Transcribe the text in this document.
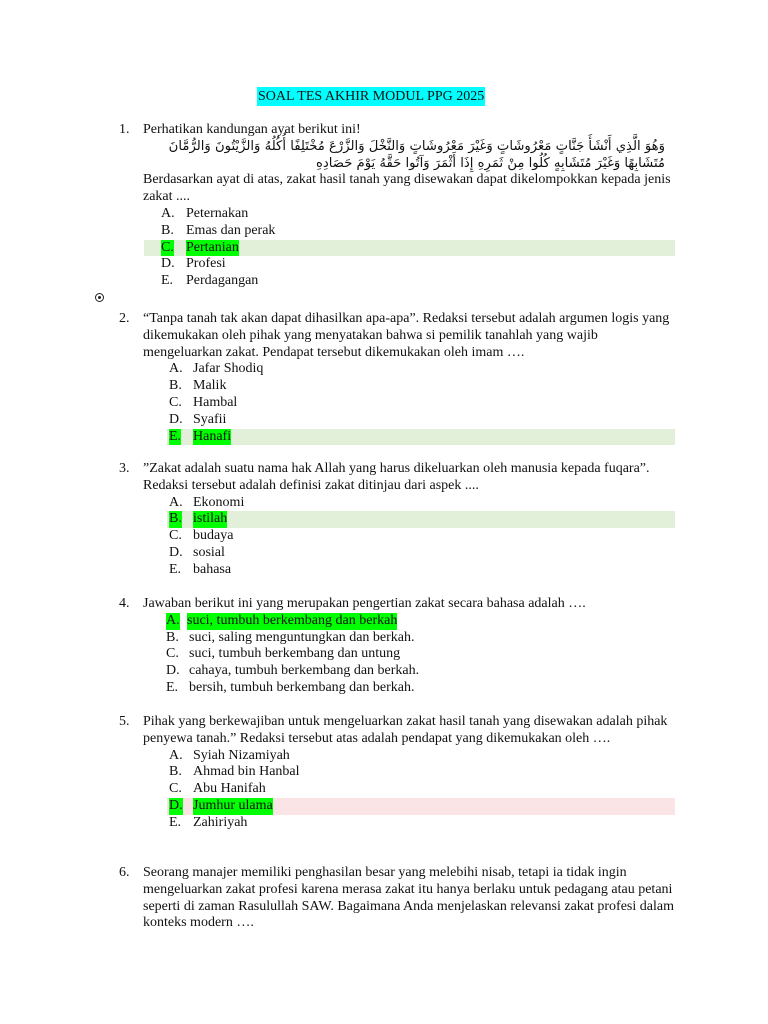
SOAL TES AKHIR MODUL PPG 2025
1. Perhatikan kandungan ayat berikut ini!
وَهُوَ الَّذِي أَنْشَأَ جَنَّاتٍ مَعْرُوشَاتٍ وَغَيْرَ مَعْرُوشَاتٍ وَالنَّخْلَ وَالزَّرْعَ مُخْتَلِفًا أُكُلُهُ وَالزَّيْتُونَ وَالرُّمَّانَ مُتَشَابِهًا وَغَيْرَ مُتَشَابِهٍ كُلُوا مِنْ ثَمَرِهِ إِذَا أَثْمَرَ وَآتُوا حَقَّهُ يَوْمَ حَصَادِهِ
Berdasarkan ayat di atas, zakat hasil tanah yang disewakan dapat dikelompokkan kepada jenis zakat ....
A. Peternakan
B. Emas dan perak
C. Pertanian
D. Profesi
E. Perdagangan
2. “Tanpa tanah tak akan dapat dihasilkan apa-apa”. Redaksi tersebut adalah argumen logis yang dikemukakan oleh pihak yang menyatakan bahwa si pemilik tanahlah yang wajib mengeluarkan zakat. Pendapat tersebut dikemukakan oleh imam ….
A. Jafar Shodiq
B. Malik
C. Hambal
D. Syafii
E. Hanafi
3. ”Zakat adalah suatu nama hak Allah yang harus dikeluarkan oleh manusia kepada fuqara”. Redaksi tersebut adalah definisi zakat ditinjau dari aspek ....
A. Ekonomi
B. istilah
C. budaya
D. sosial
E. bahasa
4. Jawaban berikut ini yang merupakan pengertian zakat secara bahasa adalah ….
A. suci, tumbuh berkembang dan berkah
B. suci, saling menguntungkan dan berkah.
C. suci, tumbuh berkembang dan untung
D. cahaya, tumbuh berkembang dan berkah.
E. bersih, tumbuh berkembang dan berkah.
5. Pihak yang berkewajiban untuk mengeluarkan zakat hasil tanah yang disewakan adalah pihak penyewa tanah.” Redaksi tersebut atas adalah pendapat yang dikemukakan oleh ….
A. Syiah Nizamiyah
B. Ahmad bin Hanbal
C. Abu Hanifah
D. Jumhur ulama
E. Zahiriyah
6. Seorang manajer memiliki penghasilan besar yang melebihi nisab, tetapi ia tidak ingin mengeluarkan zakat profesi karena merasa zakat itu hanya berlaku untuk pedagang atau petani seperti di zaman Rasulullah SAW. Bagaimana Anda menjelaskan relevansi zakat profesi dalam konteks modern ….
